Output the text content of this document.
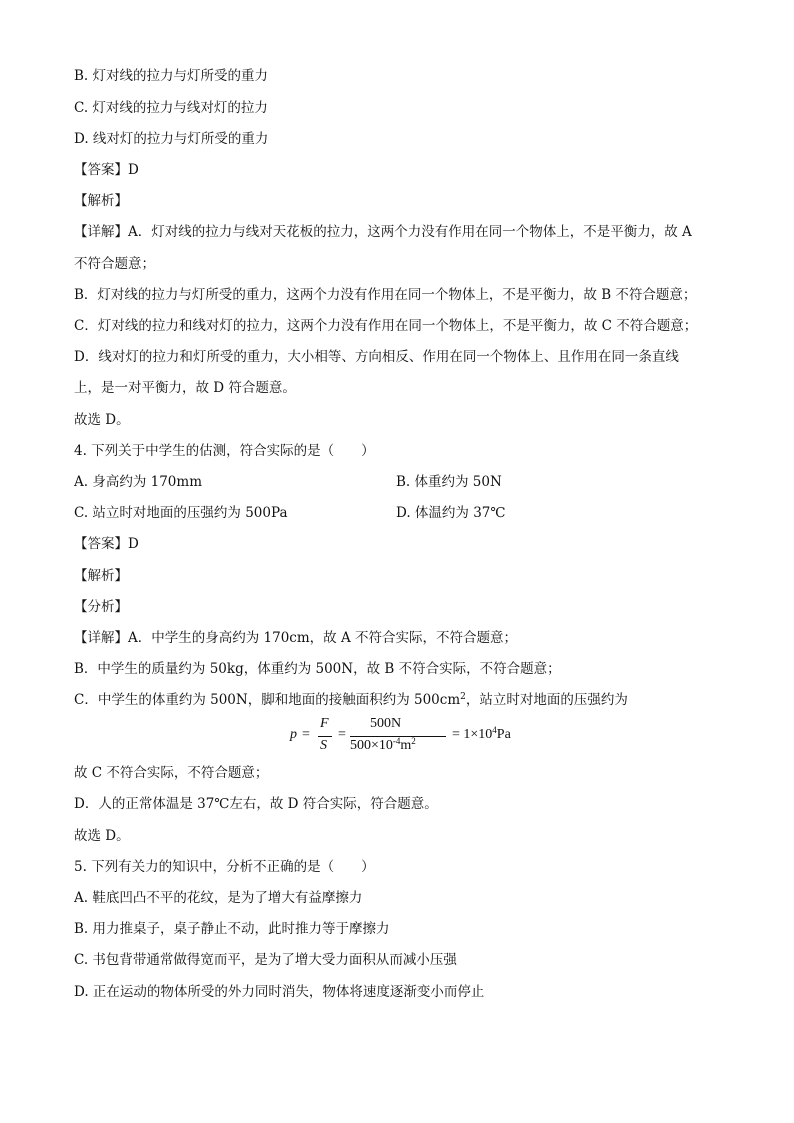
B. 灯对线的拉力与灯所受的重力
C. 灯对线的拉力与线对灯的拉力
D. 线对灯的拉力与灯所受的重力
【答案】D
【解析】
【详解】A．灯对线的拉力与线对天花板的拉力，这两个力没有作用在同一个物体上，不是平衡力，故 A
不符合题意；
B．灯对线的拉力与灯所受的重力，这两个力没有作用在同一个物体上，不是平衡力，故 B 不符合题意；
C．灯对线的拉力和线对灯的拉力，这两个力没有作用在同一个物体上，不是平衡力，故 C 不符合题意；
D．线对灯的拉力和灯所受的重力，大小相等、方向相反、作用在同一个物体上、且作用在同一条直线
上，是一对平衡力，故 D 符合题意。
故选 D。
4. 下列关于中学生的估测，符合实际的是（　　）
A. 身高约为 170mm	B. 体重约为 50N
C. 站立时对地面的压强约为 500Pa	D. 体温约为 37℃
【答案】D
【解析】
【分析】
【详解】A．中学生的身高约为 170cm，故 A 不符合实际，不符合题意；
B．中学生的质量约为 50kg，体重约为 500N，故 B 不符合实际，不符合题意；
C．中学生的体重约为 500N，脚和地面的接触面积约为 $500cm^2$，站立时对地面的压强约为
p =
F
S
=
500N
$500\times 10^{-4}m^2$	= $1\times 10^4Pa$
故 C 不符合实际，不符合题意；
D．人的正常体温是 37℃左右，故 D 符合实际，符合题意。
故选 D。
5. 下列有关力的知识中，分析不正确的是（　　）
A. 鞋底凹凸不平的花纹，是为了增大有益摩擦力
B. 用力推桌子，桌子静止不动，此时推力等于摩擦力
C. 书包背带通常做得宽而平，是为了增大受力面积从而减小压强
D. 正在运动的物体所受的外力同时消失，物体将速度逐渐变小而停止
